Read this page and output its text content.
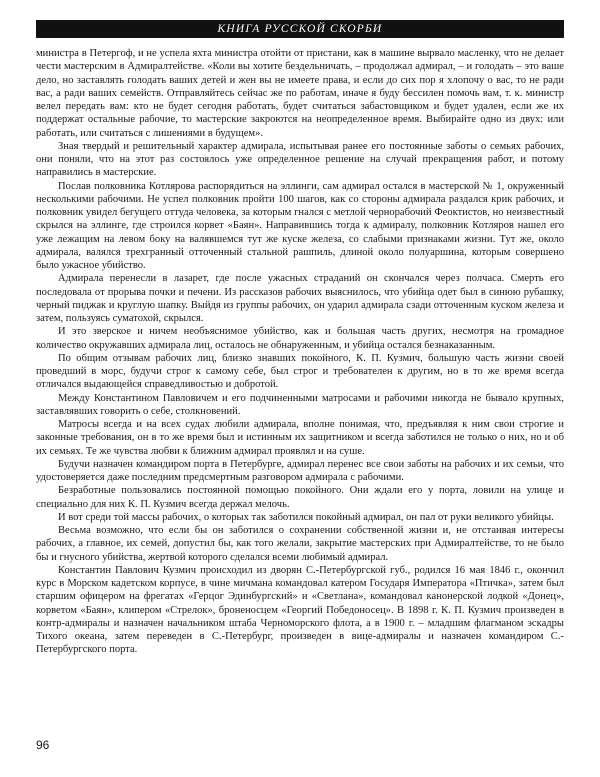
КНИГА РУССКОЙ СКОРБИ

министра в Петергоф, и не успела яхта министра отойти от пристани, как в машине вырвало масленку, что не делает чести мастерским в Адмиралтействе. «Коли вы хотите бездельничать, – продолжал адмирал, – и голодать – это ваше дело, но заставлять голодать ваших детей и жен вы не имеете права, и если до сих пор я хлопочу о вас, то не ради вас, а ради ваших семейств. Отправляйтесь сейчас же по работам, иначе я буду бессилен помочь вам, т. к. министр велел передать вам: кто не будет сегодня работать, будет считаться забастовщиком и будет удален, если же их поддержат остальные рабочие, то мастерские закроются на неопределенное время. Выбирайте одно из двух: или работать, или считаться с лишениями в будущем».

Зная твердый и решительный характер адмирала, испытывая ранее его постоянные заботы о семьях рабочих, они поняли, что на этот раз состоялось уже определенное решение на случай прекращения работ, и потому направились в мастерские.

Послав полковника Котлярова распорядиться на эллинги, сам адмирал остался в мастерской № 1, окруженный несколькими рабочими. Не успел полковник пройти 100 шагов, как со стороны адмирала раздался крик рабочих, и полковник увидел бегущего оттуда человека, за которым гнался с метлой чернорабочий Феоктистов, но неизвестный скрылся на эллинге, где строился корвет «Баян». Направившись тогда к адмиралу, полковник Котляров нашел его уже лежащим на левом боку на валявшемся тут же куске железа, со слабыми признаками жизни. Тут же, около адмирала, валялся трехгранный отточенный стальной рашпиль, длиной около полуаршина, которым совершено было ужасное убийство.

Адмирала перенесли в лазарет, где после ужасных страданий он скончался через полчаса. Смерть его последовала от прорыва почки и печени. Из рассказов рабочих выяснилось, что убийца одет был в синюю рубашку, черный пиджак и круглую шапку. Выйдя из группы рабочих, он ударил адмирала сзади отточенным куском железа и затем, пользуясь суматохой, скрылся.

И это зверское и ничем необъяснимое убийство, как и большая часть других, несмотря на громадное количество окружавших адмирала лиц, осталось не обнаруженным, и убийца остался безнаказанным.

По общим отзывам рабочих лиц, близко знавших покойного, К. П. Кузмич, большую часть жизни своей проведший в морс, будучи строг к самому себе, был строг и требователен к другим, но в то же время всегда отличался выдающейся справедливостью и добротой.

Между Константином Павловичем и его подчиненными матросами и рабочими никогда не бывало крупных, заставлявших говорить о себе, столкновений.

Матросы всегда и на всех судах любили адмирала, вполне понимая, что, предъявляя к ним свои строгие и законные требования, он в то же время был и истинным их защитником и всегда заботился не только о них, но и об их семьях. Те же чувства любви к ближним адмирал проявлял и на суше.

Будучи назначен командиром порта в Петербурге, адмирал перенес все свои заботы на рабочих и их семьи, что удостоверяется даже последним предсмертным разговором адмирала с рабочими.

Безработные пользовались постоянной помощью покойного. Они ждали его у порта, ловили на улице и специально для них К. П. Кузмич всегда держал мелочь.

И вот среди той массы рабочих, о которых так заботился покойный адмирал, он пал от руки великого убийцы.

Весьма возможно, что если бы он заботился о сохранении собственной жизни и, не отстаивая интересы рабочих, а главное, их семей, допустил бы, как того желали, закрытие мастерских при Адмиралтействе, то не было бы и гнусного убийства, жертвой которого сделался всеми любимый адмирал.

Константин Павлович Кузмич происходил из дворян С.-Петербургской губ., родился 16 мая 1846 г., окончил курс в Морском кадетском корпусе, в чине мичмана командовал катером Государя Императора «Птичка», затем был старшим офицером на фрегатах «Герцог Эдинбургский» и «Светлана», командовал канонерской лодкой «Донец», корветом «Баян», клипером «Стрелок», броненосцем «Георгий Победоносец». В 1898 г. К. П. Кузмич произведен в контр-адмиралы и назначен начальником штаба Черноморского флота, а в 1900 г. – младшим флагманом эскадры Тихого океана, затем переведен в С.-Петербург, произведен в вице-адмиралы и назначен командиром С.-Петербургского порта.

96
